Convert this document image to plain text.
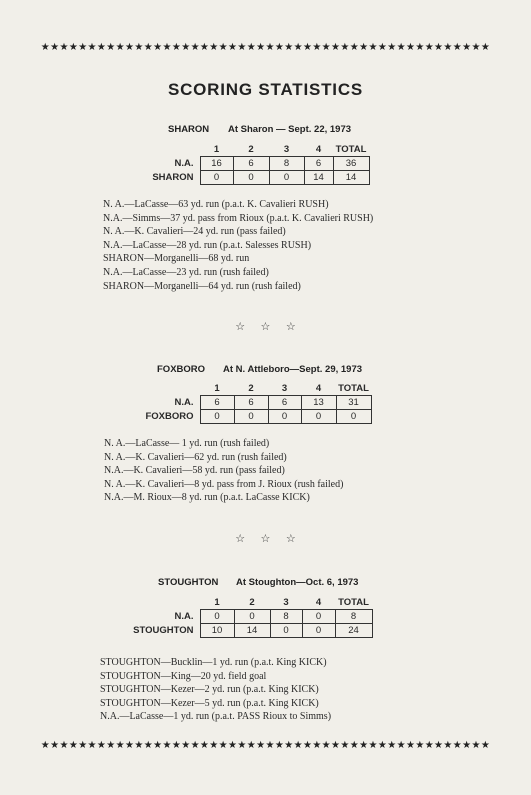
★★★★★★★★★★★★★★★★★★★★★★★★★★★★★★★★★★★★★★★★★★★★★★★★
SCORING STATISTICS
SHARON At Sharon — Sept. 22, 1973
	1	2	3	4	TOTAL
N.A.	16	6	8	6	36
SHARON	0	0	0	14	14
N. A.—LaCasse—63 yd. run (p.a.t. K. Cavalieri RUSH)
N.A.—Simms—37 yd. pass from Rioux (p.a.t. K. Cavalieri RUSH)
N. A.—K. Cavalieri—24 yd. run (pass failed)
N.A.—LaCasse—28 yd. run (p.a.t. Salesses RUSH)
SHARON—Morganelli—68 yd. run
N.A.—LaCasse—23 yd. run (rush failed)
SHARON—Morganelli—64 yd. run (rush failed)
☆ ☆ ☆
FOXBORO At N. Attleboro—Sept. 29, 1973
	1	2	3	4	TOTAL
N.A.	6	6	6	13	31
FOXBORO	0	0	0	0	0
N. A.—LaCasse— 1 yd. run (rush failed)
N. A.—K. Cavalieri—62 yd. run (rush failed)
N.A.—K. Cavalieri—58 yd. run (pass failed)
N. A.—K. Cavalieri—8 yd. pass from J. Rioux (rush failed)
N.A.—M. Rioux—8 yd. run (p.a.t. LaCasse KICK)
☆ ☆ ☆
STOUGHTON At Stoughton—Oct. 6, 1973
	1	2	3	4	TOTAL
N.A.	0	0	8	0	8
STOUGHTON	10	14	0	0	24
STOUGHTON—Bucklin—1 yd. run (p.a.t. King KICK)
STOUGHTON—King—20 yd. field goal
STOUGHTON—Kezer—2 yd. run (p.a.t. King KICK)
STOUGHTON—Kezer—5 yd. run (p.a.t. King KICK)
N.A.—LaCasse—1 yd. run (p.a.t. PASS Rioux to Simms)
★★★★★★★★★★★★★★★★★★★★★★★★★★★★★★★★★★★★★★★★★★★★★★★★
